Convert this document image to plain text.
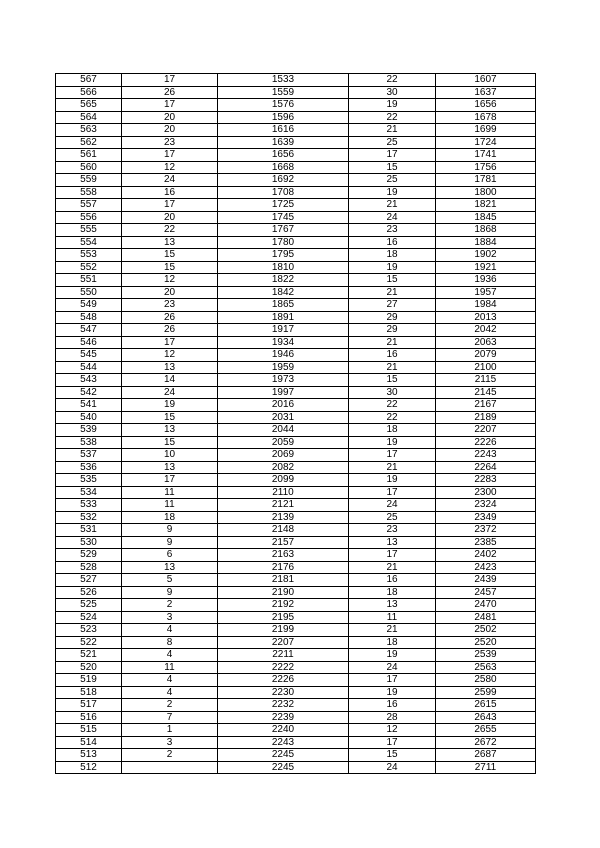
567	17	1533	22	1607
566	26	1559	30	1637
565	17	1576	19	1656
564	20	1596	22	1678
563	20	1616	21	1699
562	23	1639	25	1724
561	17	1656	17	1741
560	12	1668	15	1756
559	24	1692	25	1781
558	16	1708	19	1800
557	17	1725	21	1821
556	20	1745	24	1845
555	22	1767	23	1868
554	13	1780	16	1884
553	15	1795	18	1902
552	15	1810	19	1921
551	12	1822	15	1936
550	20	1842	21	1957
549	23	1865	27	1984
548	26	1891	29	2013
547	26	1917	29	2042
546	17	1934	21	2063
545	12	1946	16	2079
544	13	1959	21	2100
543	14	1973	15	2115
542	24	1997	30	2145
541	19	2016	22	2167
540	15	2031	22	2189
539	13	2044	18	2207
538	15	2059	19	2226
537	10	2069	17	2243
536	13	2082	21	2264
535	17	2099	19	2283
534	11	2110	17	2300
533	11	2121	24	2324
532	18	2139	25	2349
531	9	2148	23	2372
530	9	2157	13	2385
529	6	2163	17	2402
528	13	2176	21	2423
527	5	2181	16	2439
526	9	2190	18	2457
525	2	2192	13	2470
524	3	2195	11	2481
523	4	2199	21	2502
522	8	2207	18	2520
521	4	2211	19	2539
520	11	2222	24	2563
519	4	2226	17	2580
518	4	2230	19	2599
517	2	2232	16	2615
516	7	2239	28	2643
515	1	2240	12	2655
514	3	2243	17	2672
513	2	2245	15	2687
512		2245	24	2711
